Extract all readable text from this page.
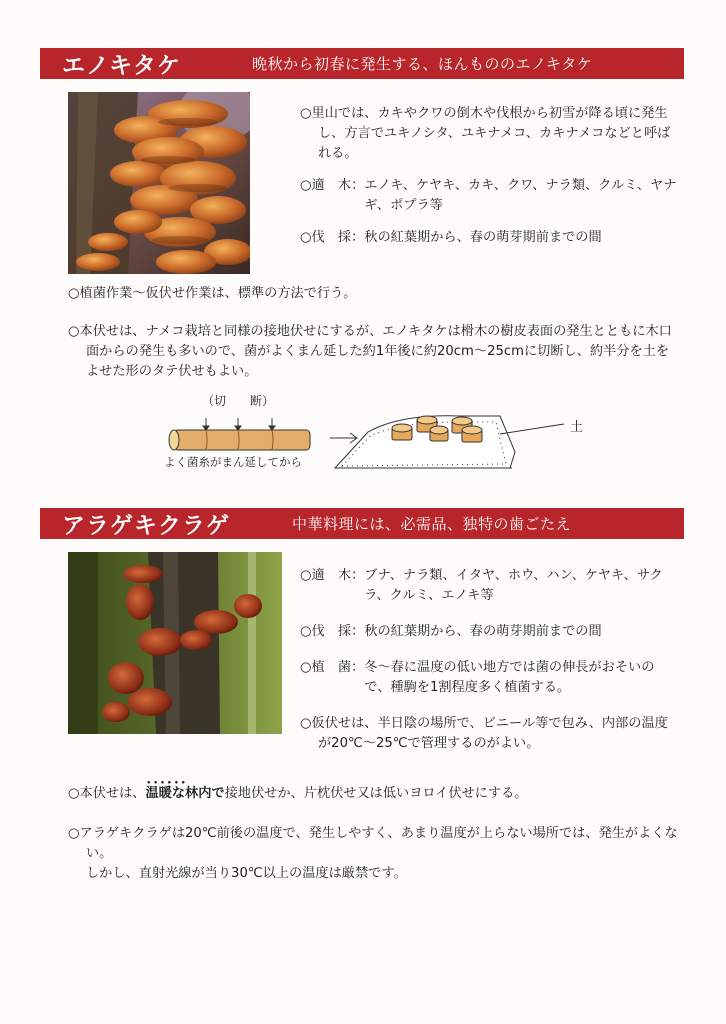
エノキタケ	晩秋から初春に発生する、ほんもののエノキタケ

○里山では、カキやクワの倒木や伐根から初雪が降る頃に発生し、方言でユキノシタ、ユキナメコ、カキナメコなどと呼ばれる。

○適　木： エノキ、ケヤキ、カキ、クワ、ナラ類、クルミ、ヤナギ、ポプラ等
○伐　採： 秋の紅葉期から、春の萌芽期前までの間

○植菌作業～仮伏せ作業は、標準の方法で行う。

○本伏せは、ナメコ栽培と同様の接地伏せにするが、エノキタケは榾木の樹皮表面の発生とともに木口面からの発生も多いので、菌がよくまん延した約1年後に約20cm～25cmに切断し、約半分を土をよせた形のタテ伏せもよい。

（切　　断）
よく菌糸がまん延してから
土
アラゲキクラゲ	中華料理には、必需品、独特の歯ごたえ
○適　木： ブナ、ナラ類、イタヤ、ホウ、ハン、ケヤキ、サクラ、クルミ、エノキ等
○伐　採： 秋の紅葉期から、春の萌芽期前までの間
○植　菌： 冬～春に温度の低い地方では菌の伸長がおそいので、種駒を1割程度多く植菌する。

○仮伏せは、半日陰の場所で、ビニール等で包み、内部の温度が20℃～25℃で管理するのがよい。

○本伏せは、• • • 温暖な林内で接地伏せか、片枕伏せ又は低いヨロイ伏せにする。

○アラゲキクラゲは20℃前後の温度で、発生しやすく、あまり温度が上らない場所では、発生がよくない。

しかし、直射光線が当り30℃以上の温度は厳禁です。
